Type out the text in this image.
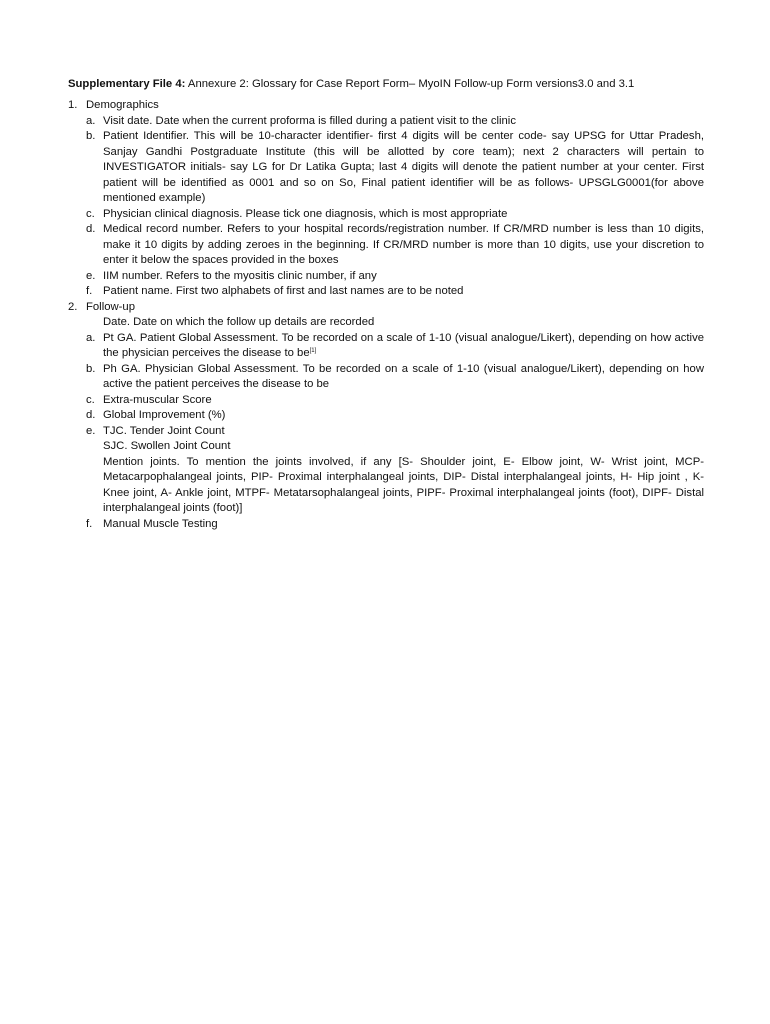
Supplementary File 4: Annexure 2: Glossary for Case Report Form– MyoIN Follow-up Form versions3.0 and 3.1

1. Demographics
a. Visit date. Date when the current proforma is filled during a patient visit to the clinic
b. Patient Identifier. This will be 10-character identifier- first 4 digits will be center code- say UPSG for Uttar Pradesh, Sanjay Gandhi Postgraduate Institute (this will be allotted by core team); next 2 characters will pertain to INVESTIGATOR initials- say LG for Dr Latika Gupta; last 4 digits will denote the patient number at your center. First patient will be identified as 0001 and so on So, Final patient identifier will be as follows- UPSGLG0001(for above mentioned example)
c. Physician clinical diagnosis. Please tick one diagnosis, which is most appropriate
d. Medical record number. Refers to your hospital records/registration number. If CR/MRD number is less than 10 digits, make it 10 digits by adding zeroes in the beginning. If CR/MRD number is more than 10 digits, use your discretion to enter it below the spaces provided in the boxes
e. IIM number. Refers to the myositis clinic number, if any
f. Patient name. First two alphabets of first and last names are to be noted
2. Follow-up
Date. Date on which the follow up details are recorded
a. Pt GA. Patient Global Assessment. To be recorded on a scale of 1-10 (visual analogue/Likert), depending on how active the physician perceives the disease to be[1]
b. Ph GA. Physician Global Assessment. To be recorded on a scale of 1-10 (visual analogue/Likert), depending on how active the patient perceives the disease to be
c. Extra-muscular Score
d. Global Improvement (%)
e. TJC. Tender Joint Count
SJC. Swollen Joint Count
Mention joints. To mention the joints involved, if any [S- Shoulder joint, E- Elbow joint, W- Wrist joint, MCP- Metacarpophalangeal joints, PIP- Proximal interphalangeal joints, DIP- Distal interphalangeal joints, H- Hip joint , K- Knee joint, A- Ankle joint, MTPF- Metatarsophalangeal joints, PIPF- Proximal interphalangeal joints (foot), DIPF- Distal interphalangeal joints (foot)]
f. Manual Muscle Testing
